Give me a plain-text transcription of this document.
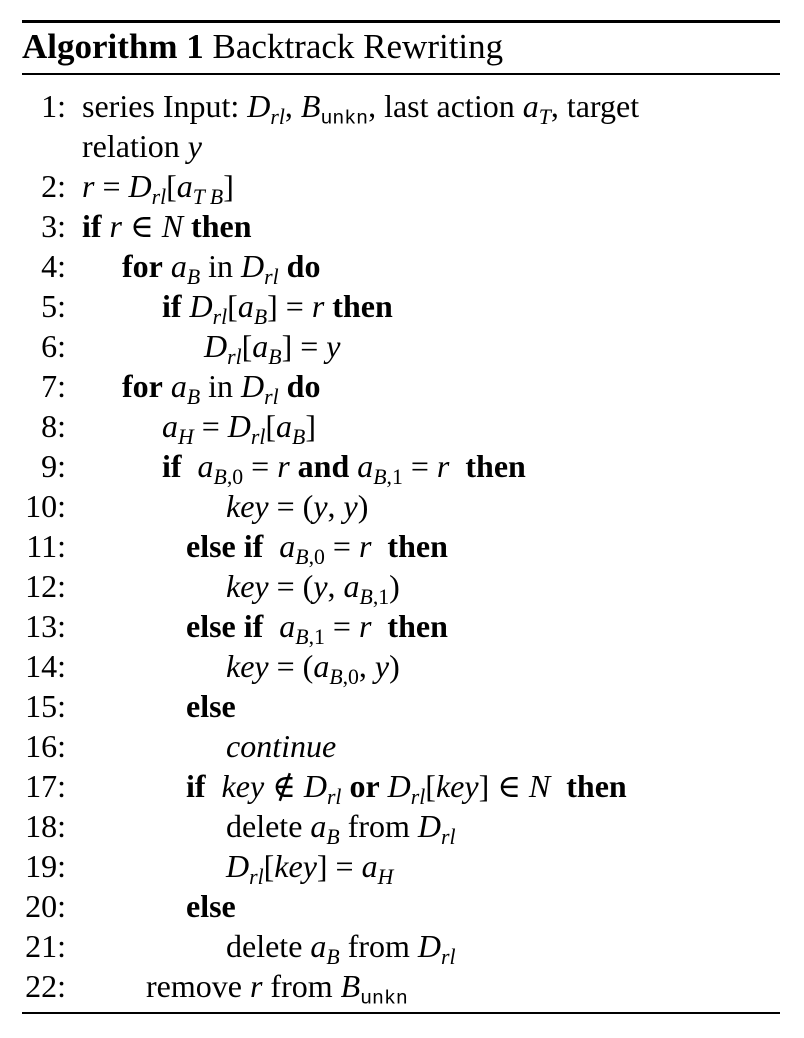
Algorithm 1 Backtrack Rewriting
1: series Input: $D_{rl}$, $B_{unkn}$, last action $a_T$, target
relation y
2: $r = D_{rl}[a_{T B}]$
3: if r ∈ N then
4: for $a_B$ in $D_{rl}$ do
5:	if $D_{rl}[a_B] = r$ then
6:	$D_{rl}[a_B] = y$
7: for $a_B$ in $D_{rl}$ do
8:	$a_H = D_{rl}[a_B]$
9:	if $a_{B,0} = r$ and $a_{B,1} = r$ then
10:	key = (y, y)
11:	else if $a_{B,0} = r$ then
12:	key = (y, $a_{B,1}$)
13:	else if $a_{B,1} = r$ then
14:	key = ($a_{B,0}$, y)
15:	else
16:	continue
17:	if key ∉ $D_{rl}$ or $D_{rl}[key]$ ∈ N then
18:	delete $a_B$ from $D_{rl}$
19:	$D_{rl}[key] = a_H$
20:	else
21:	delete $a_B$ from $D_{rl}$
22:	remove r from $B_{unkn}$
